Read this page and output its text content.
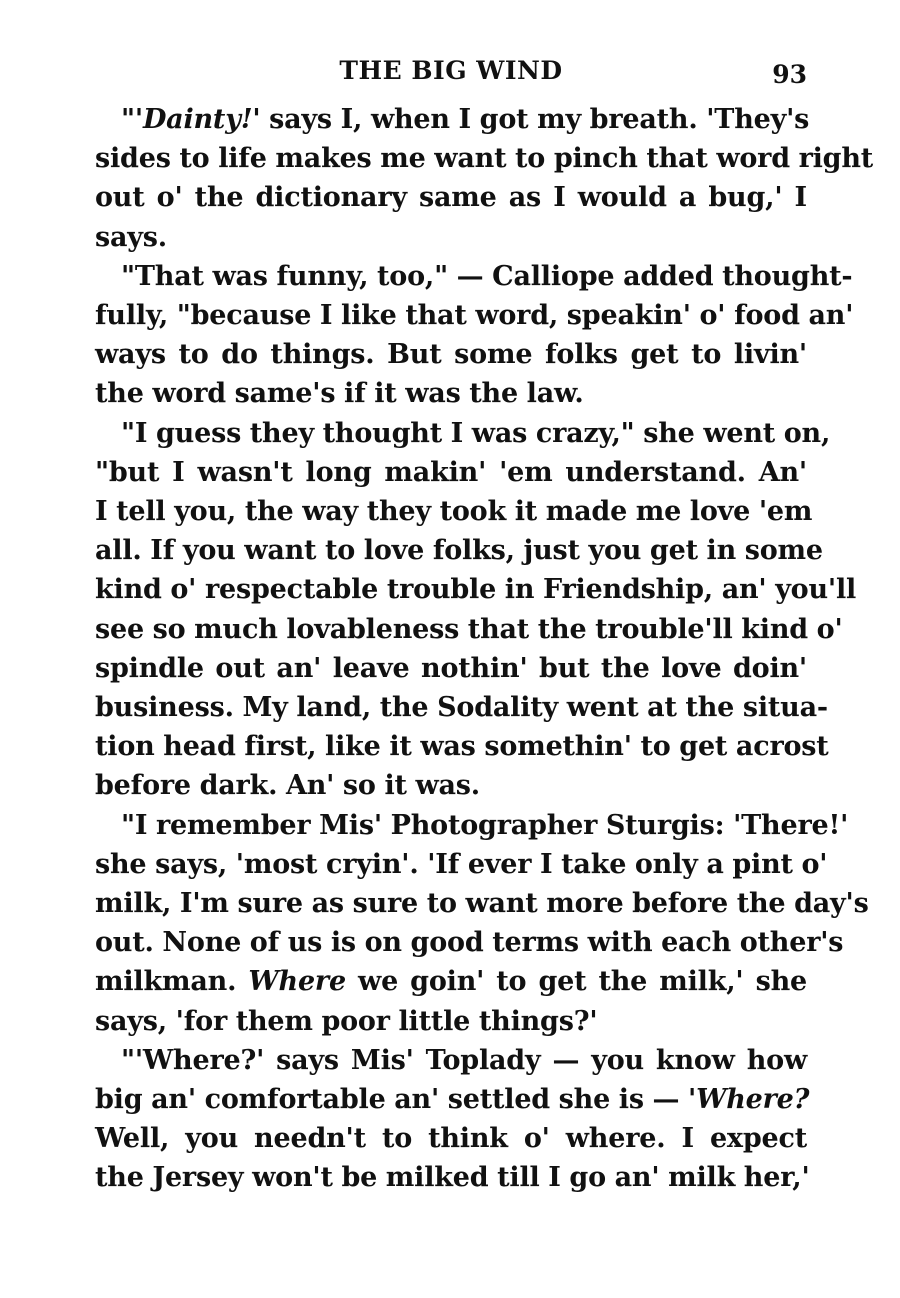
THE BIG WIND	93
"'Dainty!' says I, when I got my breath. 'They's
sides to life makes me want to pinch that word right
out o' the dictionary same as I would a bug,' I
says.
"That was funny, too," — Calliope added thought-
fully, "because I like that word, speakin' o' food an'
ways to do things. But some folks get to livin'
the word same's if it was the law.
"I guess they thought I was crazy," she went on,
"but I wasn't long makin' 'em understand. An'
I tell you, the way they took it made me love 'em
all. If you want to love folks, just you get in some
kind o' respectable trouble in Friendship, an' you'll
see so much lovableness that the trouble'll kind o'
spindle out an' leave nothin' but the love doin'
business. My land, the Sodality went at the situa-
tion head first, like it was somethin' to get acrost
before dark. An' so it was.
"I remember Mis' Photographer Sturgis: 'There!'
she says, 'most cryin'. 'If ever I take only a pint o'
milk, I'm sure as sure to want more before the day's
out. None of us is on good terms with each other's
milkman. Where we goin' to get the milk,' she
says, 'for them poor little things?'
"'Where?' says Mis' Toplady — you know how
big an' comfortable an' settled she is — 'Where?
Well, you needn't to think o' where. I expect
the Jersey won't be milked till I go an' milk her,'
